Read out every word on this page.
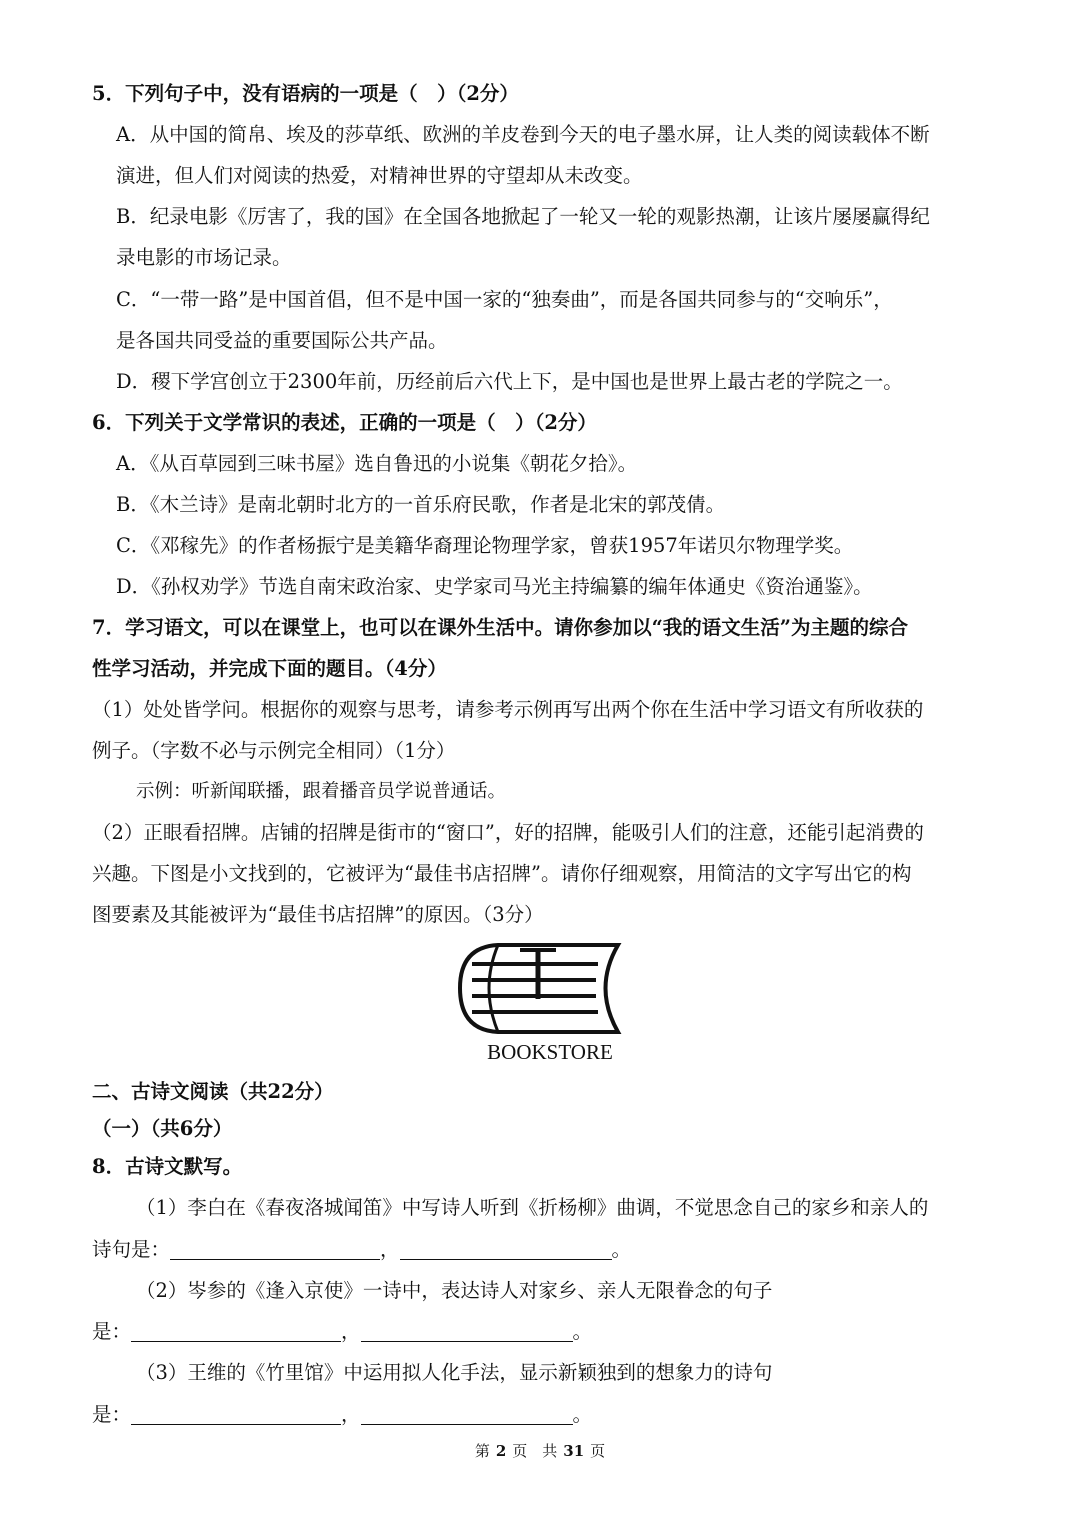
5．下列句子中，没有语病的一项是（　）（2分）
A．从中国的简帛、埃及的莎草纸、欧洲的羊皮卷到今天的电子墨水屏，让人类的阅读载体不断
演进，但人们对阅读的热爱，对精神世界的守望却从未改变。
B．纪录电影《厉害了，我的国》在全国各地掀起了一轮又一轮的观影热潮，让该片屡屡赢得纪
录电影的市场记录。
C．“一带一路”是中国首倡，但不是中国一家的“独奏曲”，而是各国共同参与的“交响乐”，
是各国共同受益的重要国际公共产品。
D．稷下学宫创立于2300年前，历经前后六代上下，是中国也是世界上最古老的学院之一。
6．下列关于文学常识的表述，正确的一项是（　）（2分）
A．《从百草园到三味书屋》选自鲁迅的小说集《朝花夕拾》。
B．《木兰诗》是南北朝时北方的一首乐府民歌，作者是北宋的郭茂倩。
C．《邓稼先》的作者杨振宁是美籍华裔理论物理学家，曾获1957年诺贝尔物理学奖。
D．《孙权劝学》节选自南宋政治家、史学家司马光主持编纂的编年体通史《资治通鉴》。
7．学习语文，可以在课堂上，也可以在课外生活中。请你参加以“我的语文生活”为主题的综合
性学习活动，并完成下面的题目。（4分）
（1）处处皆学问。根据你的观察与思考，请参考示例再写出两个你在生活中学习语文有所收获的
例子。（字数不必与示例完全相同）（1分）
示例：听新闻联播，跟着播音员学说普通话。
（2）正眼看招牌。店铺的招牌是街市的“窗口”，好的招牌，能吸引人们的注意，还能引起消费的
兴趣。下图是小文找到的，它被评为“最佳书店招牌”。请你仔细观察，用简洁的文字写出它的构
图要素及其能被评为“最佳书店招牌”的原因。（3分）
BOOKSTORE
二、古诗文阅读（共22分）
（一）（共6分）
8．古诗文默写。
（1）李白在《春夜洛城闻笛》中写诗人听到《折杨柳》曲调，不觉思念自己的家乡和亲人的
诗句是：	，	。
（2）岑参的《逢入京使》一诗中，表达诗人对家乡、亲人无限眷念的句子
是：	，	。
（3）王维的《竹里馆》中运用拟人化手法，显示新颖独到的想象力的诗句
是：	，	。
第 2 页　共 31 页
